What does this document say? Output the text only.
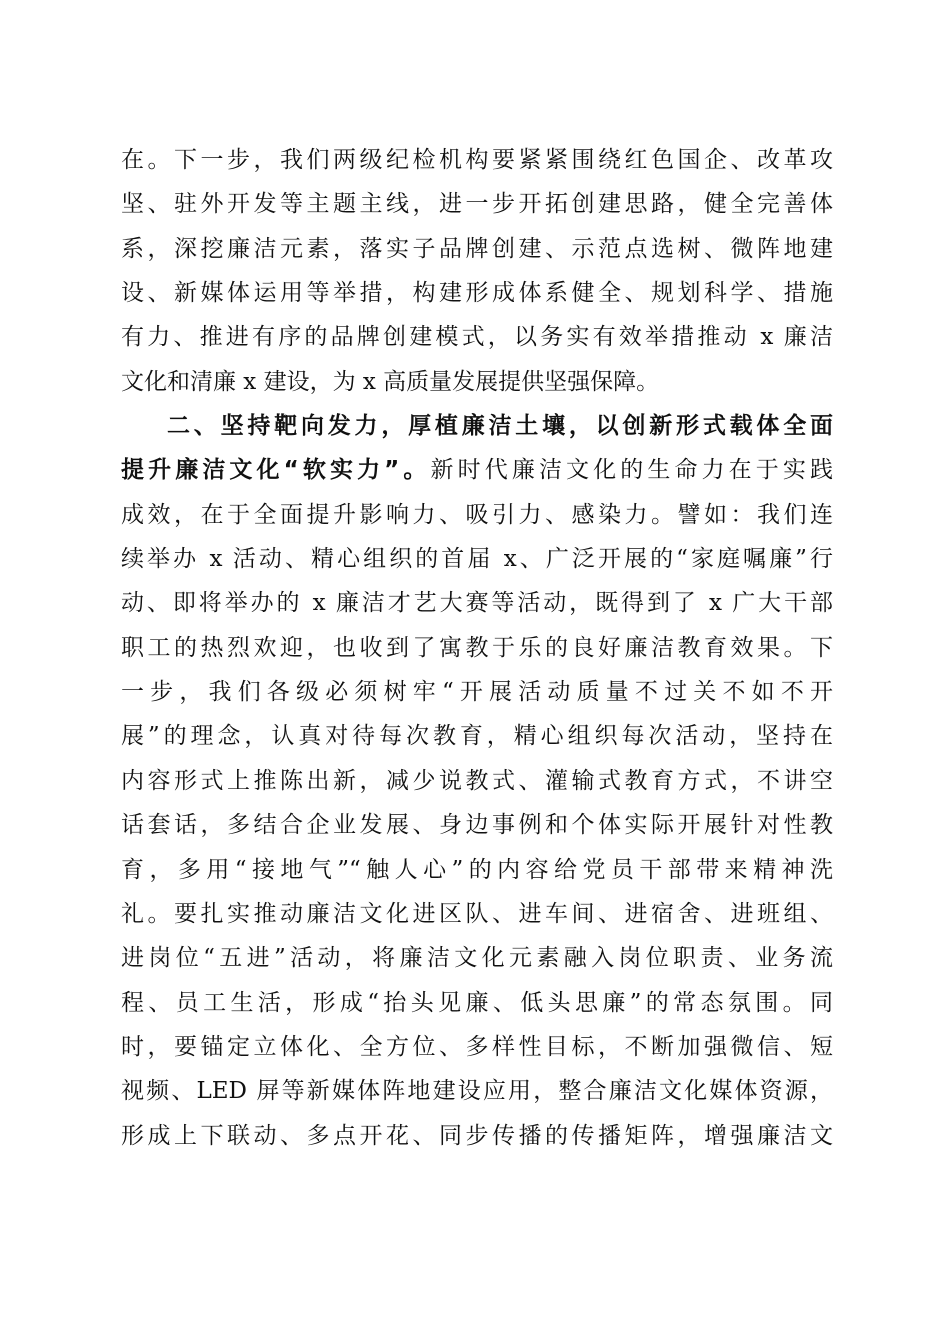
在。下一步，我们两级纪检机构要紧紧围绕红色国企、改革攻
坚、驻外开发等主题主线，进一步开拓创建思路，健全完善体
系，深挖廉洁元素，落实子品牌创建、示范点选树、微阵地建
设、新媒体运用等举措，构建形成体系健全、规划科学、措施
有力、推进有序的品牌创建模式，以务实有效举措推动 x 廉洁
文化和清廉 x 建设，为 x 高质量发展提供坚强保障。
二、坚持靶向发力，厚植廉洁土壤，以创新形式载体全面
提升廉洁文化“软实力”。新时代廉洁文化的生命力在于实践
成效，在于全面提升影响力、吸引力、感染力。譬如：我们连
续举办 x 活动、精心组织的首届 x、广泛开展的“家庭嘱廉”行
动、即将举办的 x 廉洁才艺大赛等活动，既得到了 x 广大干部
职工的热烈欢迎，也收到了寓教于乐的良好廉洁教育效果。下
一步，我们各级必须树牢“开展活动质量不过关不如不开
展”的理念，认真对待每次教育，精心组织每次活动，坚持在
内容形式上推陈出新，减少说教式、灌输式教育方式，不讲空
话套话，多结合企业发展、身边事例和个体实际开展针对性教
育，多用“接地气”“触人心”的内容给党员干部带来精神洗
礼。要扎实推动廉洁文化进区队、进车间、进宿舍、进班组、
进岗位“五进”活动，将廉洁文化元素融入岗位职责、业务流
程、员工生活，形成“抬头见廉、低头思廉”的常态氛围。同
时，要锚定立体化、全方位、多样性目标，不断加强微信、短
视频、LED 屏等新媒体阵地建设应用，整合廉洁文化媒体资源，
形成上下联动、多点开花、同步传播的传播矩阵，增强廉洁文
